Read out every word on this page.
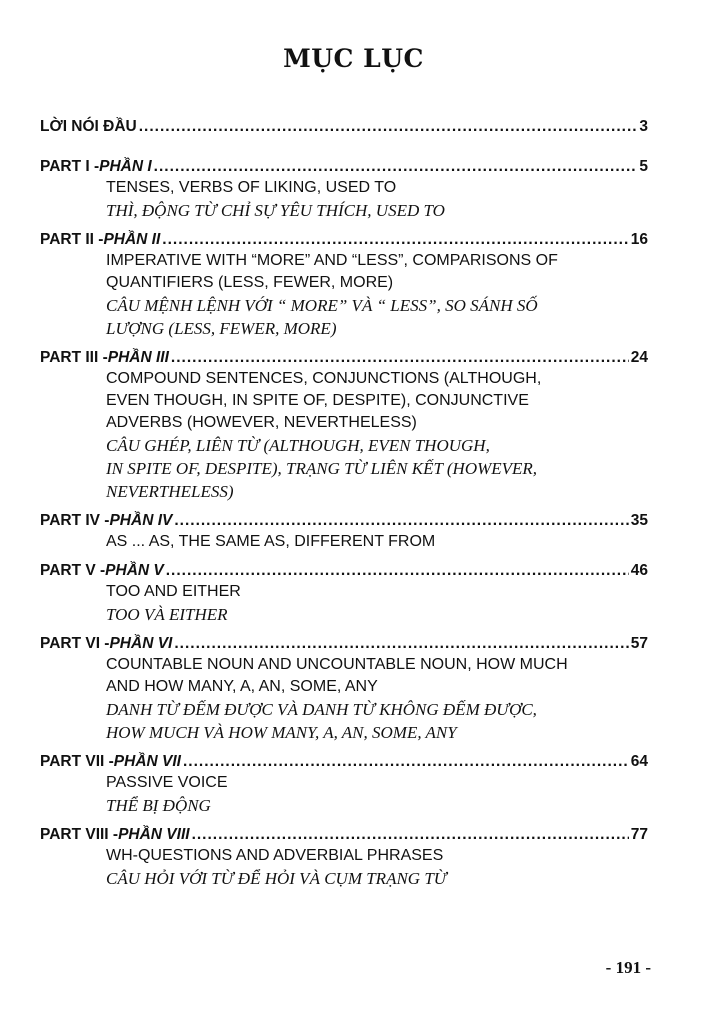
MỤC LỤC
LỜI NÓI ĐẦU .....	3
PART I - PHẦN I .....	5
TENSES, VERBS OF LIKING, USED TO
THÌ, ĐỘNG TỪ CHỈ SỰ YÊU THÍCH, USED TO
PART II - PHẦN II .....	16
IMPERATIVE WITH “MORE” AND “LESS”, COMPARISONS OF
QUANTIFIERS (LESS, FEWER, MORE)
CÂU MỆNH LỆNH VỚI “ MORE” VÀ “ LESS”, SO SÁNH SỐ
LƯỢNG (LESS, FEWER, MORE)
PART III - PHẦN III .....	24
COMPOUND SENTENCES, CONJUNCTIONS (ALTHOUGH,
EVEN THOUGH, IN SPITE OF, DESPITE), CONJUNCTIVE
ADVERBS (HOWEVER, NEVERTHELESS)
CÂU GHÉP, LIÊN TỪ (ALTHOUGH, EVEN THOUGH,
IN SPITE OF, DESPITE), TRẠNG TỪ LIÊN KẾT (HOWEVER,
NEVERTHELESS)
PART IV - PHẦN IV .....	35
AS ... AS, THE SAME AS, DIFFERENT FROM
PART V - PHẦN V .....	46
TOO AND EITHER
TOO VÀ EITHER
PART VI - PHẦN VI .....	57
COUNTABLE NOUN AND UNCOUNTABLE NOUN, HOW MUCH
AND HOW MANY, A, AN, SOME, ANY
DANH TỪ ĐẾM ĐƯỢC VÀ DANH TỪ KHÔNG ĐẾM ĐƯỢC,
HOW MUCH VÀ HOW MANY, A, AN, SOME, ANY
PART VII - PHẦN VII .....	64
PASSIVE VOICE
THỂ BỊ ĐỘNG
PART VIII - PHẦN VIII .....	77
WH-QUESTIONS AND ADVERBIAL PHRASES
CÂU HỎI VỚI TỪ ĐỂ HỎI VÀ CỤM TRẠNG TỪ
- 191 -
